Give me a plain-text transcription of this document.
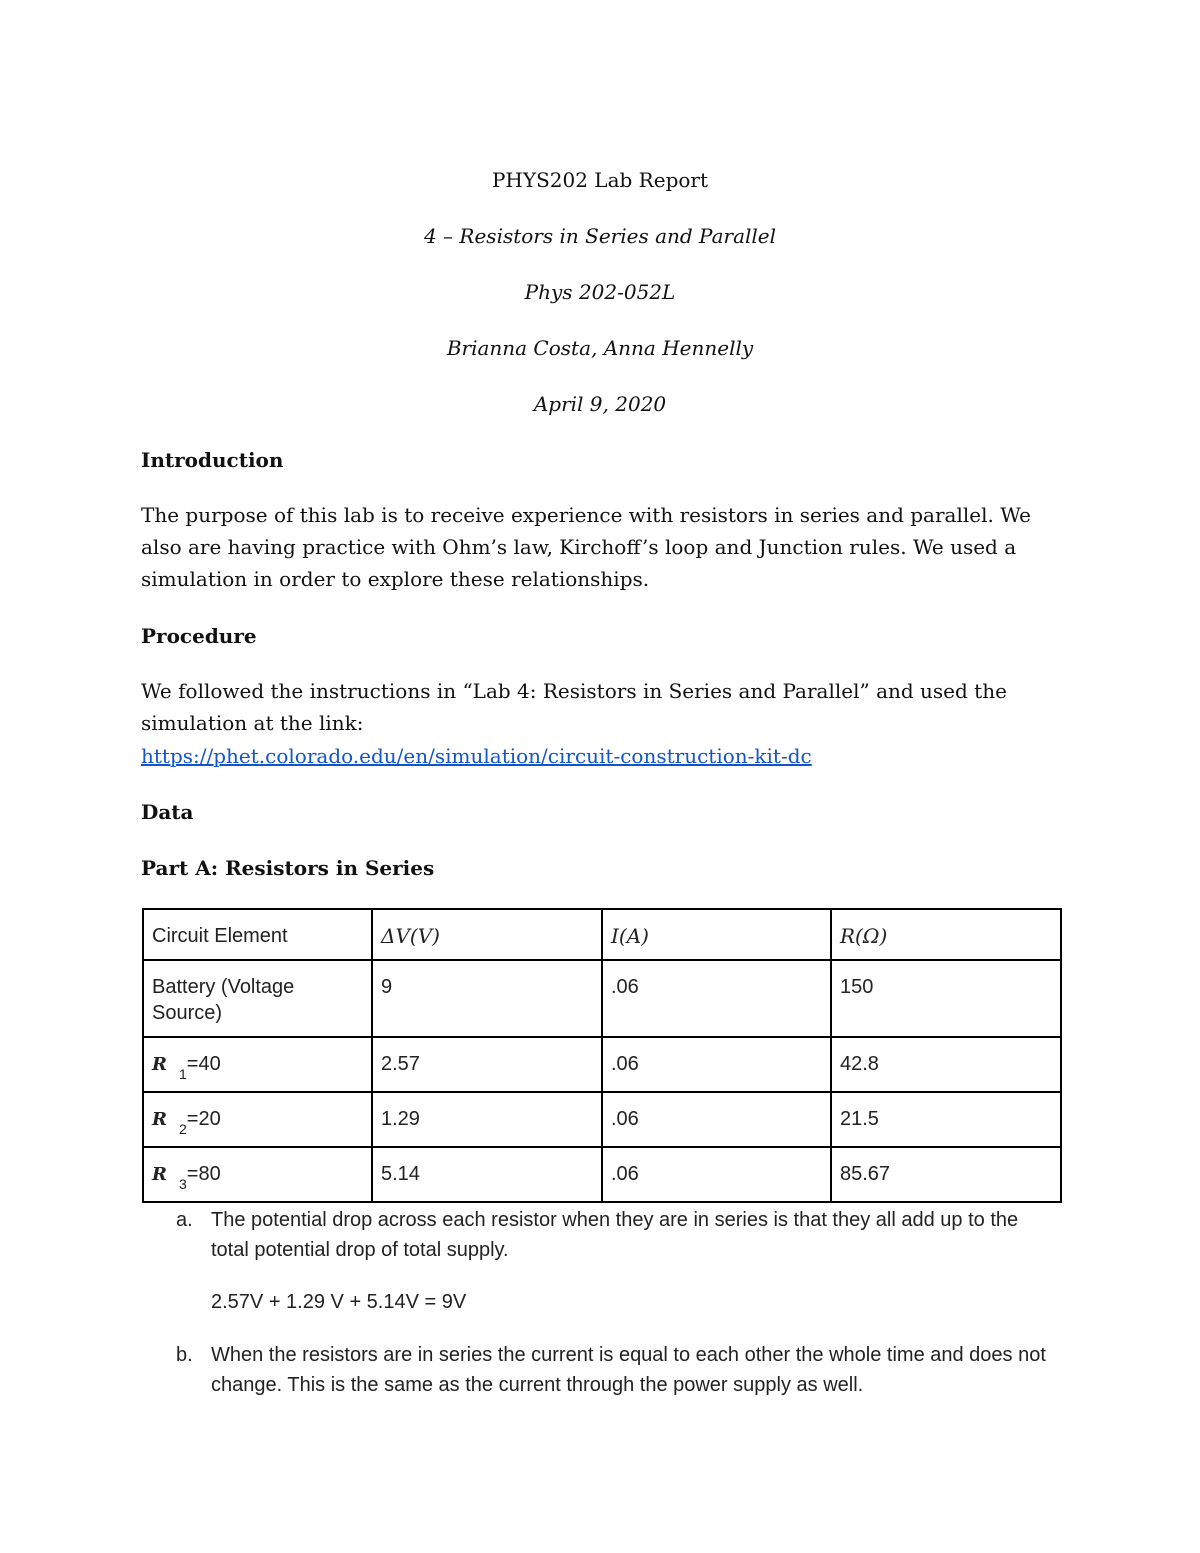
PHYS202 Lab Report
4 – Resistors in Series and Parallel
Phys 202-052L
Brianna Costa, Anna Hennelly
April 9, 2020
Introduction
The purpose of this lab is to receive experience with resistors in series and parallel. We also are having practice with Ohm’s law, Kirchoff’s loop and Junction rules. We used a simulation in order to explore these relationships.
Procedure
We followed the instructions in “Lab 4: Resistors in Series and Parallel” and used the simulation at the link:
https://phet.colorado.edu/en/simulation/circuit-construction-kit-dc
Data
Part A: Resistors in Series
Circuit Element	ΔV(V)	I(A)	R(Ω)
Battery (Voltage Source)	9	.06	150
R $_1$=40	2.57	.06	42.8
R $_2$=20	1.29	.06	21.5
R $_3$=80	5.14	.06	85.67
a. The potential drop across each resistor when they are in series is that they all add up to the total potential drop of total supply.
2.57V + 1.29 V + 5.14V = 9V
b. When the resistors are in series the current is equal to each other the whole time and does not change. This is the same as the current through the power supply as well.
